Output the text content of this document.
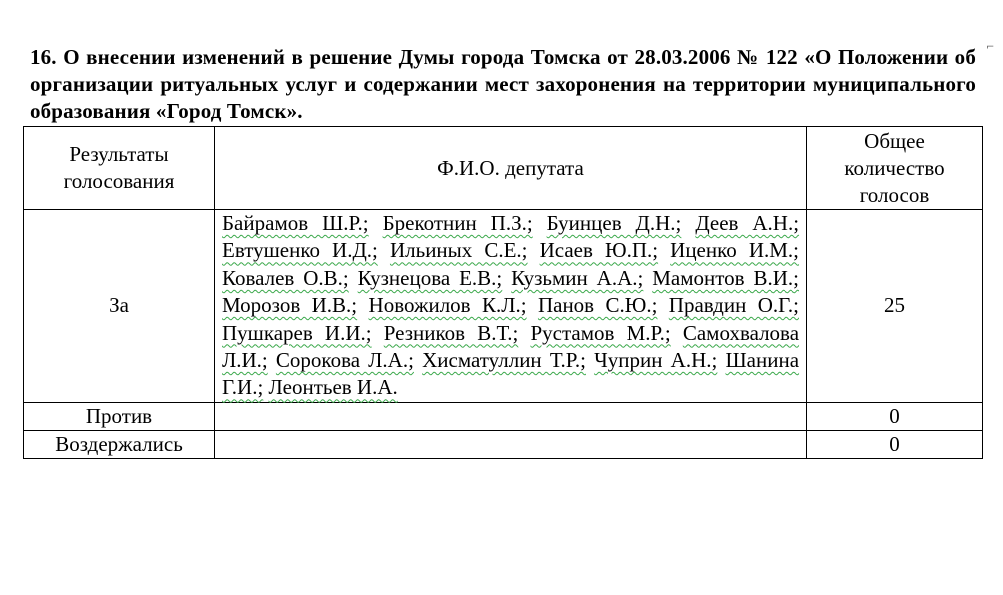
16. О внесении изменений в решение Думы города Томска от 28.03.2006 № 122 «О Положении об организации ритуальных услуг и содержании мест захоронения на территории муниципального образования «Город Томск».
⌐
Результаты голосования	Ф.И.О. депутата	Общее количество голосов
За	Байрамов Ш.Р.; Брекотнин П.З.; Буинцев Д.Н.; Деев А.Н.; Евтушенко И.Д.; Ильиных С.Е.; Исаев Ю.П.; Иценко И.М.; Ковалев О.В.; Кузнецова Е.В.; Кузьмин А.А.; Мамонтов В.И.; Морозов И.В.; Новожилов К.Л.; Панов С.Ю.; Правдин О.Г.; Пушкарев И.И.; Резников В.Т.; Рустамов М.Р.; Самохвалова Л.И.; Сорокова Л.А.; Хисматуллин Т.Р.; Чуприн А.Н.; Шанина Г.И.; Леонтьев И.А.	25
Против		0
Воздержались		0
